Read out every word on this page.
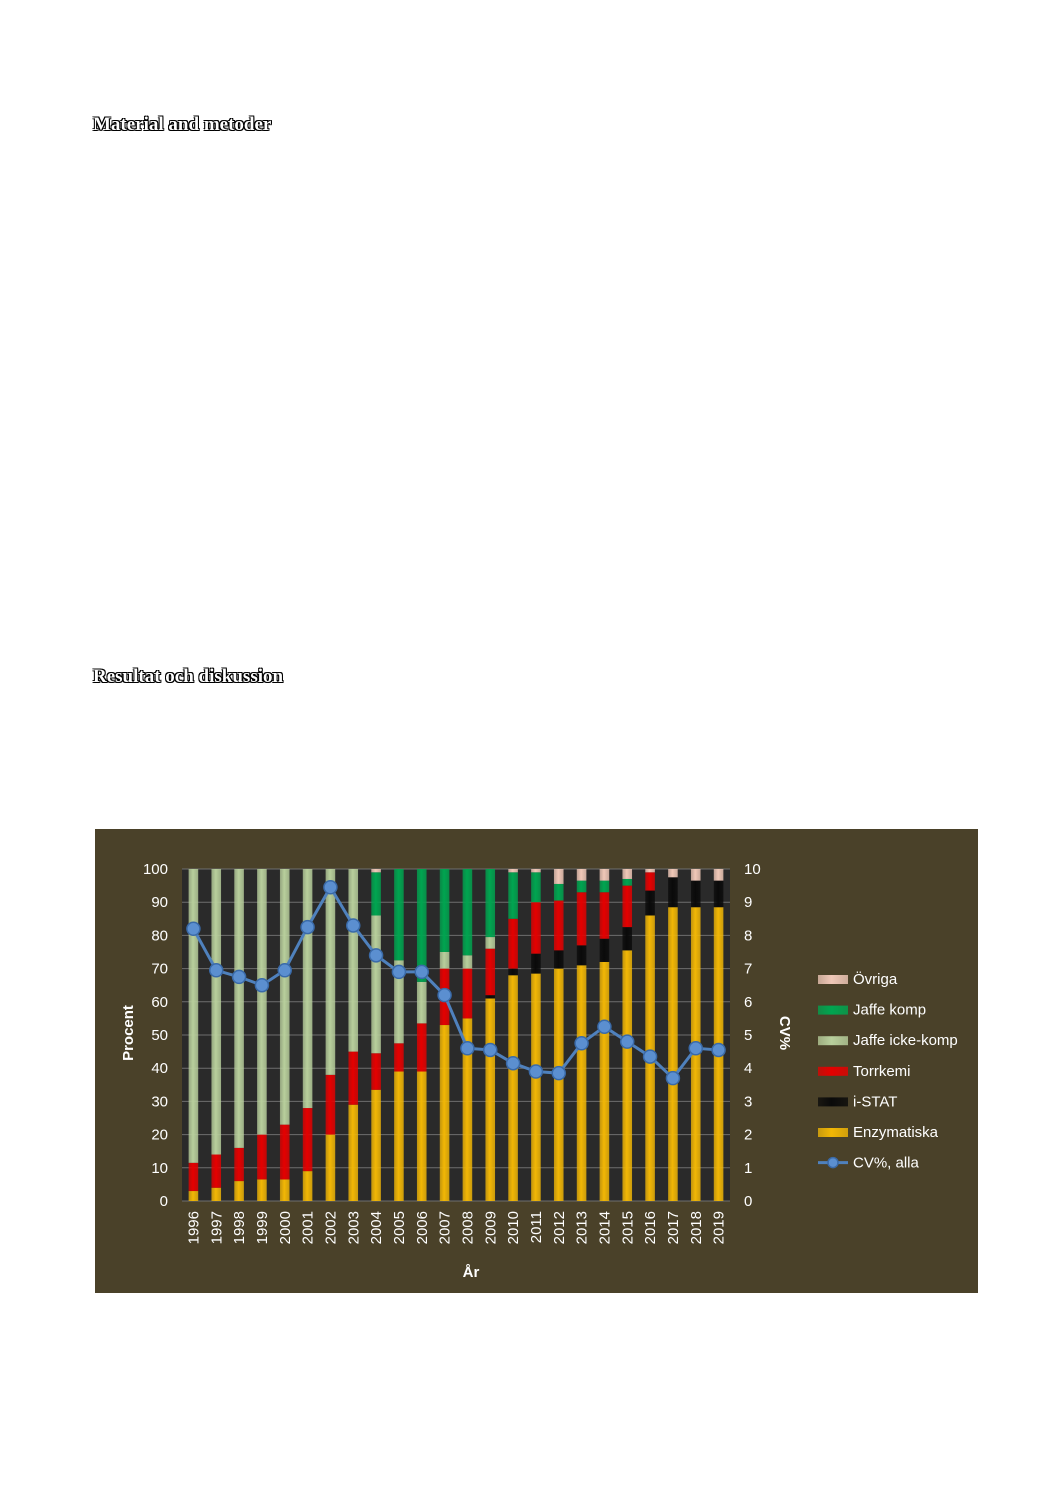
Material and metoder
Resultat och diskussion
0
10
20
30
40
50
60
70
80
90
100
0
1
2
3
4
5
6
7
8
9
10
1996 1997 1998 1999 2000 2001 2002 2003 2004 2005 2006 2007 2008 2009 2010 2011 2012 2013 2014 2015 2016 2017 2018 2019
Procent	CV%
År
Övriga
Jaffe komp
Jaffe icke-komp
Torrkemi
i-STAT
Enzymatiska
CV%, alla
